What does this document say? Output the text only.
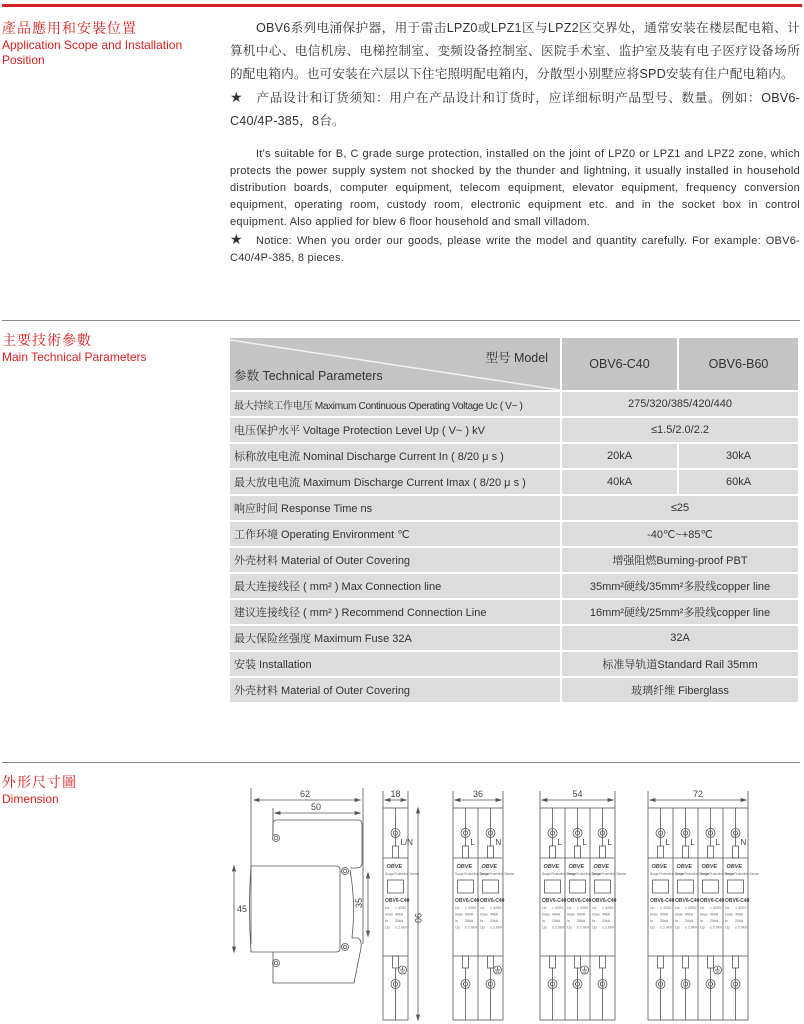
產品應用和安裝位置
Application Scope and Installation Position

OBV6系列电涌保护器，用于雷击LPZ0或LPZ1区与LPZ2区交界处，通常安装在楼层配电箱、计算机中心、电信机房、电梯控制室、变频设备控制室、医院手术室、监护室及装有电子医疗设备场所的配电箱内。也可安装在六层以下住宅照明配电箱内，分散型小别墅应将SPD安装有住户配电箱内。

★ 产品设计和订货须知：用户在产品设计和订货时，应详细标明产品型号、数量。例如：OBV6-C40/4P-385，8台。

It's suitable for B, C grade surge protection, installed on the joint of LPZ0 or LPZ1 and LPZ2 zone, which protects the power supply system not shocked by the thunder and lightning, it usually installed in household distribution boards, computer equipment, telecom equipment, elevator equipment, frequency conversion equipment, operating room, custody room, electronic equipment etc. and in the socket box in control equipment. Also applied for blew 6 floor household and small villadom.

★ Notice: When you order our goods, please write the model and quantity carefully. For example: OBV6-C40/4P-385, 8 pieces.

主要技術參數
Main Technical Parameters	型号 Model
参数 Technical Parameters	OBV6-C40	OBV6-B60
最大持续工作电压 Maximum Continuous Operating Voltage Uc ( V~ )	275/320/385/420/440	
电压保护水平 Voltage Protection Level Up ( V~ ) kV	≤1.5/2.0/2.2	
标称放电电流 Nominal Discharge Current In ( 8/20 μ s )	20kA	30kA
最大放电电流 Maximum Discharge Current Imax ( 8/20 μ s )	40kA	60kA
响应时间 Response Time ns	≤25	
工作环境 Operating Environment ℃	-40℃~+85℃	
外壳材料 Material of Outer Covering	增强阻燃Burning-proof PBT	
最大连接线径 ( mm² ) Max Connection line	35mm²硬线/35mm²多股线copper line	
建议连接线径 ( mm² ) Recommend Connection Line	16mm²硬线/25mm²多股线copper line	
最大保险丝强度 Maximum Fuse 32A	32A	
安装 Installation	标准导轨道Standard Rail 35mm	
外壳材料 Material of Outer Covering	玻璃纤维 Fiberglass	
外形尺寸圖
Dimension	62
50
45
35
18
L/N
OBVE
Surge Protective Device
OBV6-C40
Uc = 420V
Imax 40kA
In 20kA
Up ≤ 2.0kV
90
36
L
OBVE
Surge Protective Device
OBV6-C40
Uc = 420V
Imax 40kA
In 20kA
Up ≤ 2.0kV
N
OBVE
Surge Protective Device
OBV6-C40
Uc = 420V
Imax 40kA
In 20kA
Up ≤ 2.0kV
54
L
OBVE
Surge Protective Device
OBV6-C40
Uc = 420V
Imax 40kA
In 20kA
Up ≤ 2.0kV
L
OBVE
Surge Protective Device
OBV6-C40
Uc = 420V
Imax 40kA
In 20kA
Up ≤ 2.0kV
L
OBVE
Surge Protective Device
OBV6-C40
Uc = 420V
Imax 40kA
In 20kA
Up ≤ 2.0kV
72
L
OBVE
Surge Protective Device
OBV6-C40
Uc = 420V
Imax 40kA
In 20kA
Up ≤ 2.0kV
L
OBVE
Surge Protective Device
OBV6-C40
Uc = 420V
Imax 40kA
In 20kA
Up ≤ 2.0kV
L
OBVE
Surge Protective Device
OBV6-C40
Uc = 420V
Imax 40kA
In 20kA
Up ≤ 2.0kV
N
OBVE
Surge Protective Device
OBV6-C40
Uc = 420V
Imax 40kA
In 20kA
Up ≤ 2.0kV
